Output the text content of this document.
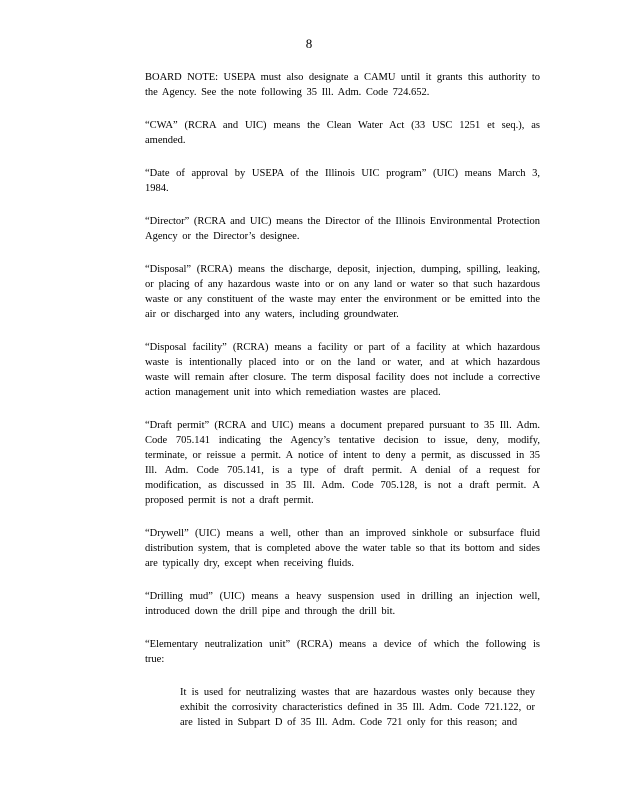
8

BOARD NOTE: USEPA must also designate a CAMU until it grants this authority to the Agency. See the note following 35 Ill. Adm. Code 724.652.

“CWA” (RCRA and UIC) means the Clean Water Act (33 USC 1251 et seq.), as amended.

“Date of approval by USEPA of the Illinois UIC program” (UIC) means March 3, 1984.

“Director” (RCRA and UIC) means the Director of the Illinois Environmental Protection Agency or the Director’s designee.

“Disposal” (RCRA) means the discharge, deposit, injection, dumping, spilling, leaking, or placing of any hazardous waste into or on any land or water so that such hazardous waste or any constituent of the waste may enter the environment or be emitted into the air or discharged into any waters, including groundwater.

“Disposal facility” (RCRA) means a facility or part of a facility at which hazardous waste is intentionally placed into or on the land or water, and at which hazardous waste will remain after closure. The term disposal facility does not include a corrective action management unit into which remediation wastes are placed.

“Draft permit” (RCRA and UIC) means a document prepared pursuant to 35 Ill. Adm. Code 705.141 indicating the Agency’s tentative decision to issue, deny, modify, terminate, or reissue a permit. A notice of intent to deny a permit, as discussed in 35 Ill. Adm. Code 705.141, is a type of draft permit. A denial of a request for modification, as discussed in 35 Ill. Adm. Code 705.128, is not a draft permit. A proposed permit is not a draft permit.

“Drywell” (UIC) means a well, other than an improved sinkhole or subsurface fluid distribution system, that is completed above the water table so that its bottom and sides are typically dry, except when receiving fluids.

“Drilling mud” (UIC) means a heavy suspension used in drilling an injection well, introduced down the drill pipe and through the drill bit.

“Elementary neutralization unit” (RCRA) means a device of which the following is true:

It is used for neutralizing wastes that are hazardous wastes only because they exhibit the corrosivity characteristics defined in 35 Ill. Adm. Code 721.122, or are listed in Subpart D of 35 Ill. Adm. Code 721 only for this reason; and
